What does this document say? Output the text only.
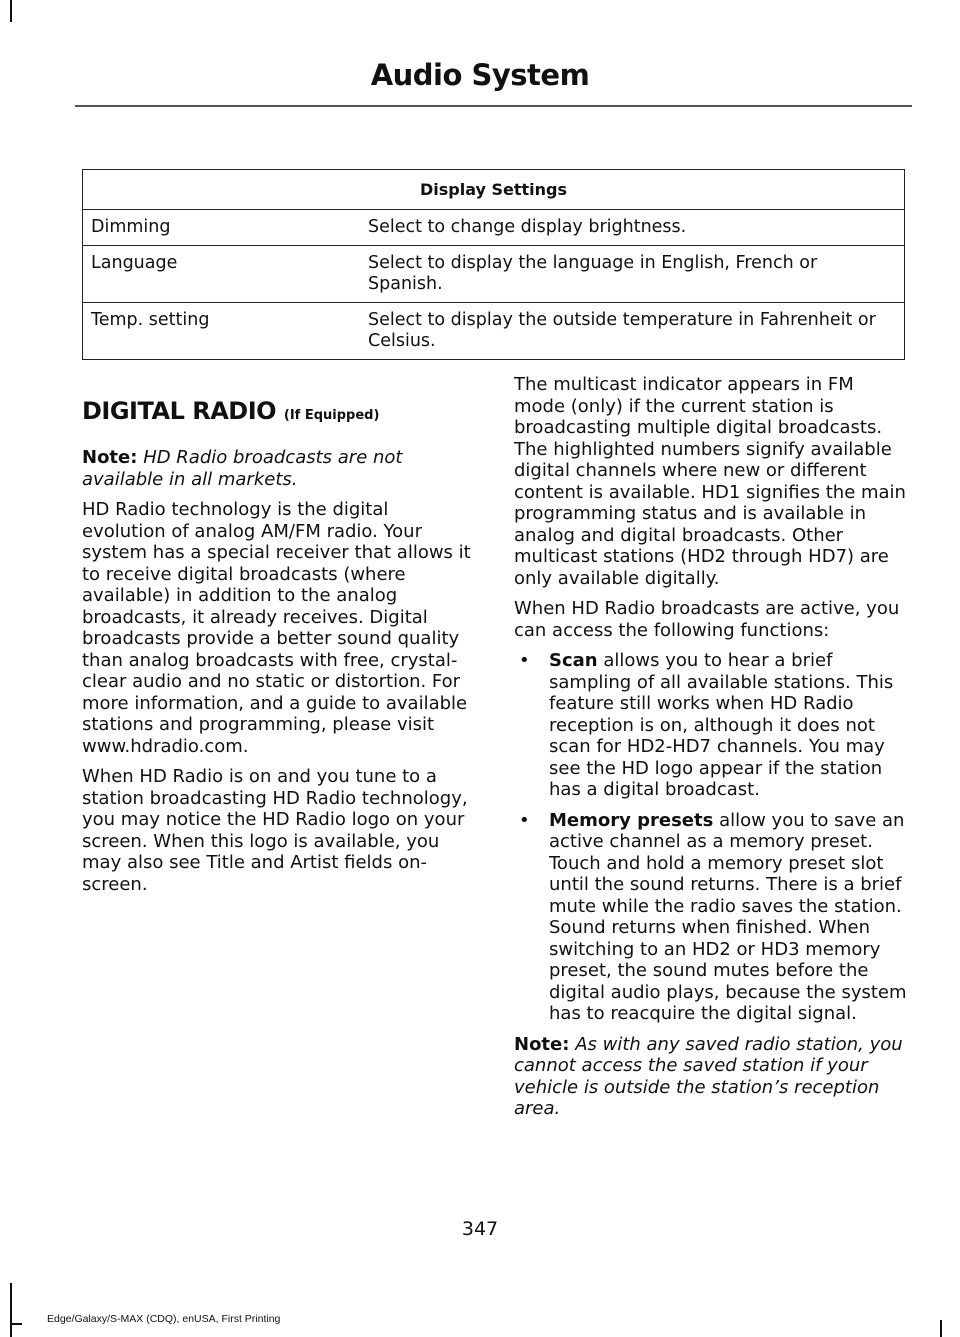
Audio System
Display Settings	
Dimming	Select to change display brightness.
Language	Select to display the language in English, French or Spanish.
Temp. setting	Select to display the outside temperature in Fahrenheit or Celsius.

DIGITAL RADIO (If Equipped)

Note: HD Radio broadcasts are not available in all markets.

HD Radio technology is the digital evolution of analog AM/FM radio. Your system has a special receiver that allows it to receive digital broadcasts (where available) in addition to the analog broadcasts, it already receives. Digital broadcasts provide a better sound quality than analog broadcasts with free, crystal-clear audio and no static or distortion. For more information, and a guide to available stations and programming, please visit www.hdradio.com.

When HD Radio is on and you tune to a station broadcasting HD Radio technology, you may notice the HD Radio logo on your screen. When this logo is available, you may also see Title and Artist fields on-screen.

The multicast indicator appears in FM mode (only) if the current station is broadcasting multiple digital broadcasts. The highlighted numbers signify available digital channels where new or different content is available. HD1 signifies the main programming status and is available in analog and digital broadcasts. Other multicast stations (HD2 through HD7) are only available digitally.

When HD Radio broadcasts are active, you can access the following functions:

• Scan allows you to hear a brief sampling of all available stations. This feature still works when HD Radio reception is on, although it does not scan for HD2-HD7 channels. You may see the HD logo appear if the station has a digital broadcast.
• Memory presets allow you to save an active channel as a memory preset. Touch and hold a memory preset slot until the sound returns. There is a brief mute while the radio saves the station. Sound returns when finished. When switching to an HD2 or HD3 memory preset, the sound mutes before the digital audio plays, because the system has to reacquire the digital signal.

Note: As with any saved radio station, you cannot access the saved station if your vehicle is outside the station’s reception area.

347
Edge/Galaxy/S-MAX (CDQ), enUSA, First Printing
